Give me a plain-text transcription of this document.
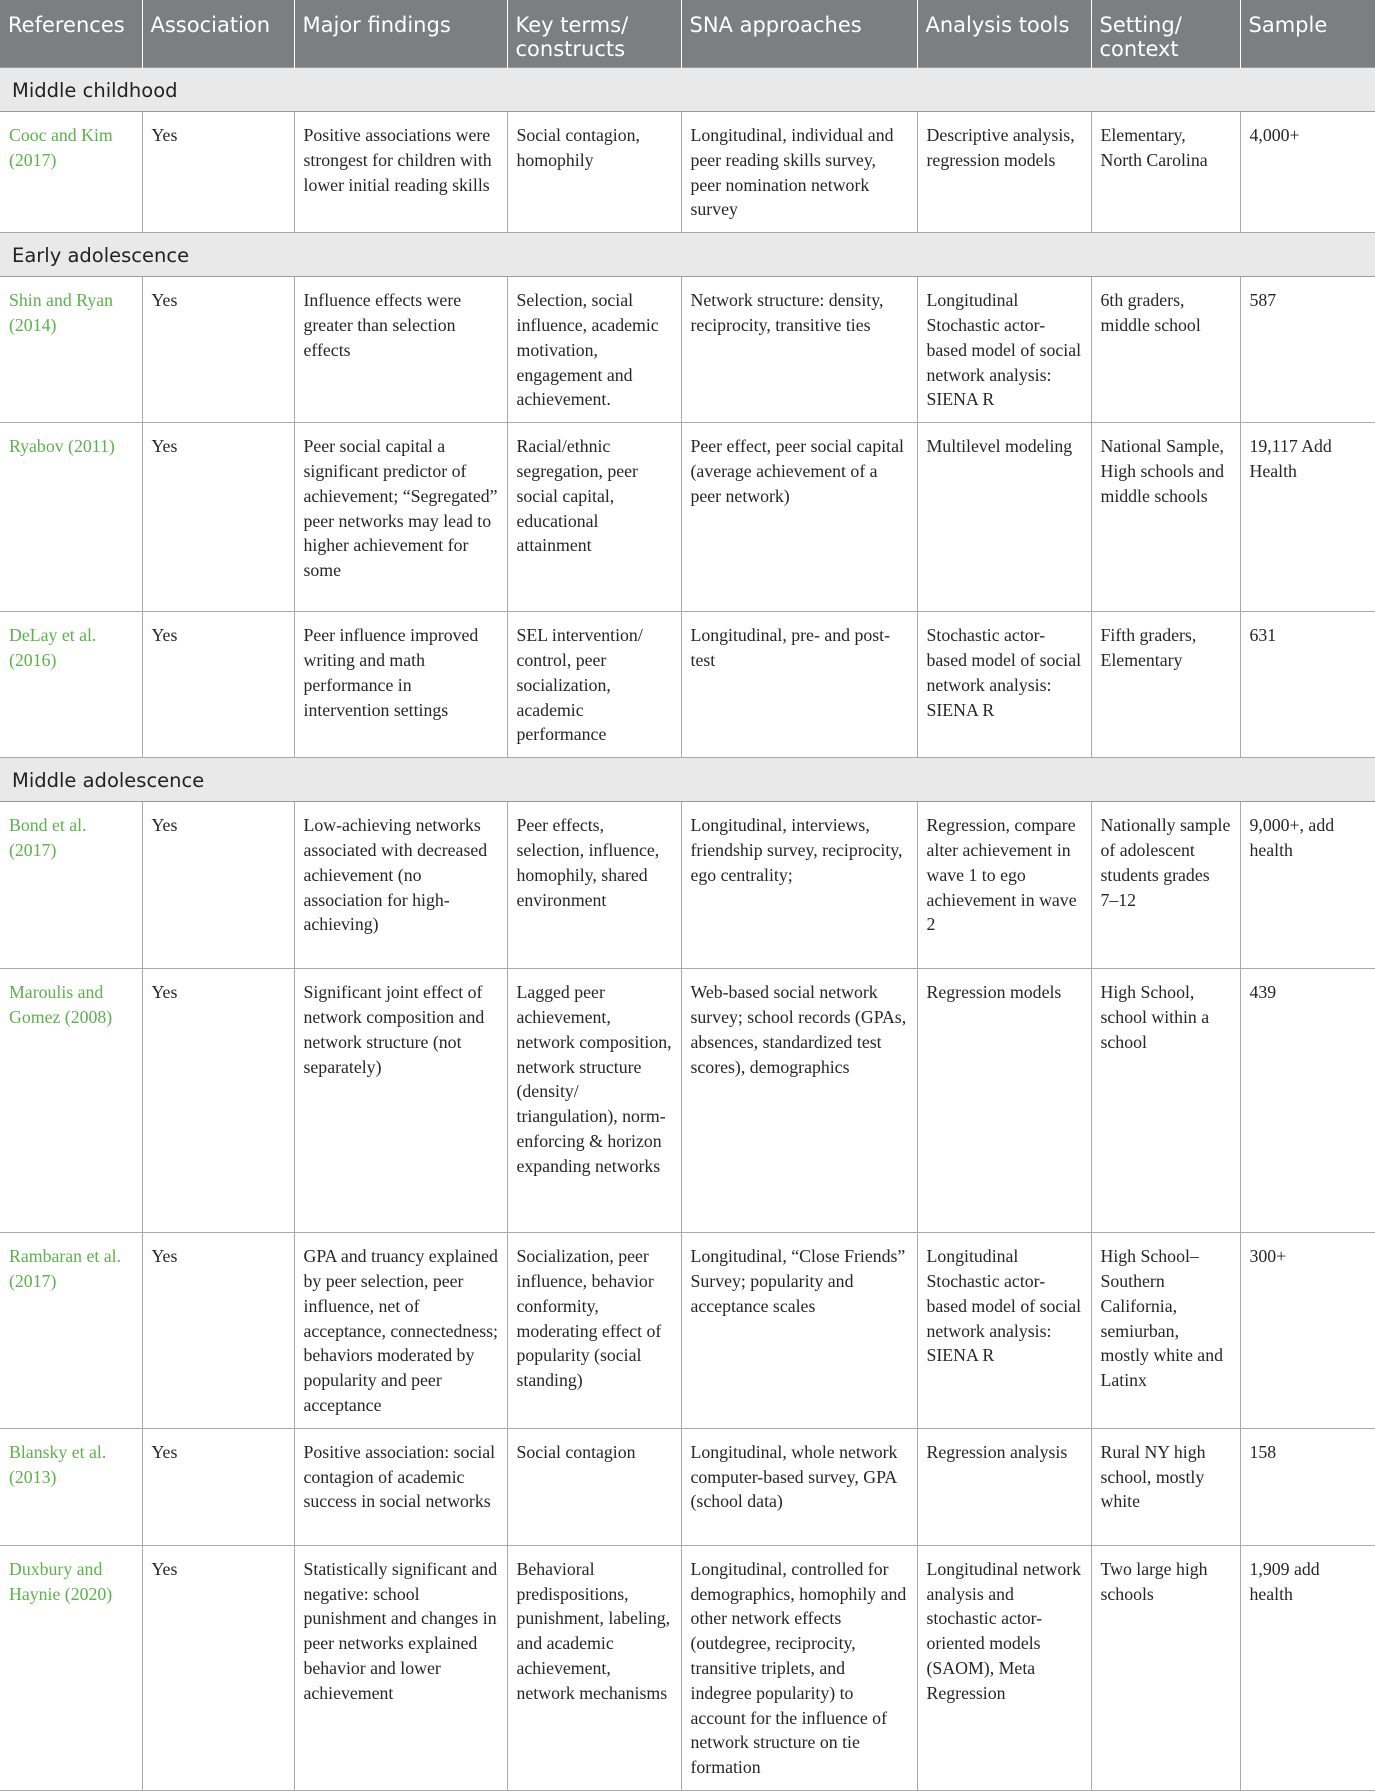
References	Association	Major findings	Key terms/ constructs	SNA approaches	Analysis tools	Setting/ context	Sample
Middle childhood							
Cooc and Kim (2017)	Yes	Positive associations were strongest for children with lower initial reading skills	Social contagion, homophily	Longitudinal, individual and peer reading skills survey, peer nomination network survey	Descriptive analysis, regression models	Elementary, North Carolina	4,000+
Early adolescence							
Shin and Ryan (2014)	Yes	Influence effects were greater than selection effects	Selection, social influence, academic motivation, engagement and achievement.	Network structure: density, reciprocity, transitive ties	Longitudinal Stochastic actor-based model of social network analysis: SIENA R	6th graders, middle school	587
Ryabov (2011)	Yes	Peer social capital a significant predictor of achievement; “Segregated” peer networks may lead to higher achievement for some	Racial/ethnic segregation, peer social capital, educational attainment	Peer effect, peer social capital (average achievement of a peer network)	Multilevel modeling	National Sample, High schools and middle schools	19,117 Add Health
DeLay et al. (2016)	Yes	Peer influence improved writing and math performance in intervention settings	SEL intervention/ control, peer socialization, academic performance	Longitudinal, pre- and post-test	Stochastic actor-based model of social network analysis: SIENA R	Fifth graders, Elementary	631
Middle adolescence							
Bond et al. (2017)	Yes	Low-achieving networks associated with decreased achievement (no association for high-achieving)	Peer effects, selection, influence, homophily, shared environment	Longitudinal, interviews, friendship survey, reciprocity, ego centrality;	Regression, compare alter achievement in wave 1 to ego achievement in wave 2	Nationally sample of adolescent students grades 7–12	9,000+, add health
Maroulis and Gomez (2008)	Yes	Significant joint effect of network composition and network structure (not separately)	Lagged peer achievement, network composition, network structure (density/ triangulation), norm- enforcing & horizon expanding networks	Web-based social network survey; school records (GPAs, absences, standardized test scores), demographics	Regression models	High School, school within a school	439
Rambaran et al. (2017)	Yes	GPA and truancy explained by peer selection, peer influence, net of acceptance, connectedness; behaviors moderated by popularity and peer acceptance	Socialization, peer influence, behavior conformity, moderating effect of popularity (social standing)	Longitudinal, “Close Friends” Survey; popularity and acceptance scales	Longitudinal Stochastic actor-based model of social network analysis: SIENA R	High School– Southern California, semiurban, mostly white and Latinx	300+
Blansky et al. (2013)	Yes	Positive association: social contagion of academic success in social networks	Social contagion	Longitudinal, whole network computer-based survey, GPA (school data)	Regression analysis	Rural NY high school, mostly white	158
Duxbury and Haynie (2020)	Yes	Statistically significant and negative: school punishment and changes in peer networks explained behavior and lower achievement	Behavioral predispositions, punishment, labeling, and academic achievement, network mechanisms	Longitudinal, controlled for demographics, homophily and other network effects (outdegree, reciprocity, transitive triplets, and indegree popularity) to account for the influence of network structure on tie formation	Longitudinal network analysis and stochastic actor-oriented models (SAOM), Meta Regression	Two large high schools	1,909 add health
